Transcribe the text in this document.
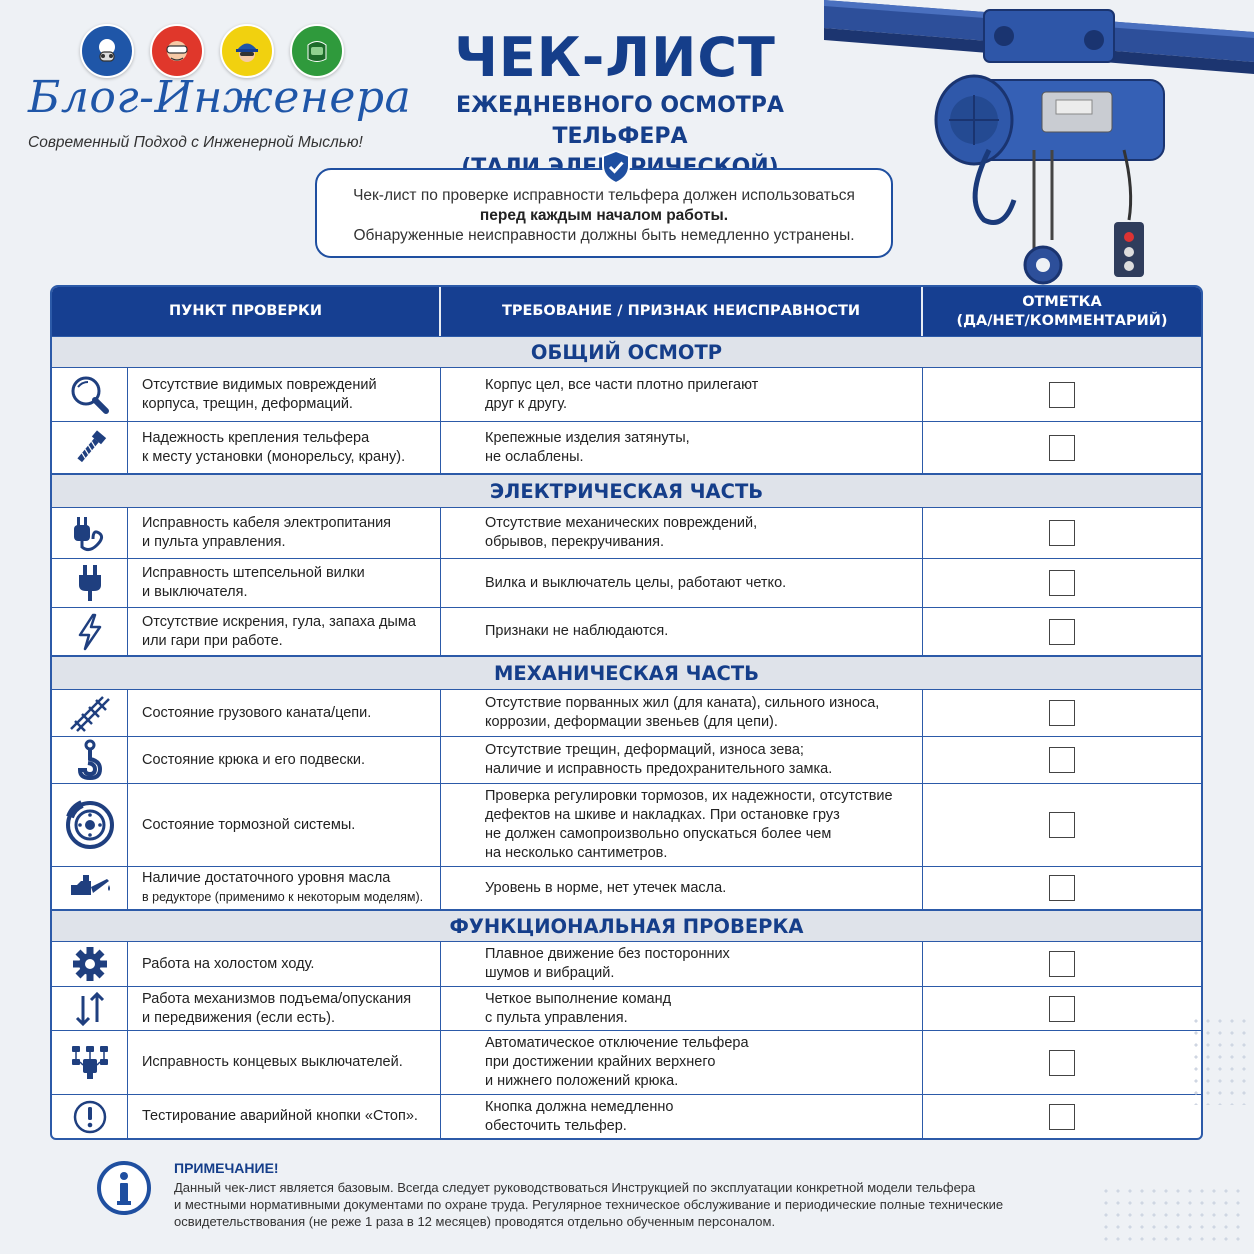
Блог-Инженера
Современный Подход с Инженерной Мыслью!
ЧЕК-ЛИСТ
ЕЖЕДНЕВНОГО ОСМОТРА ТЕЛЬФЕРА
Чек-лист по проверке исправности тельфера должен использоваться
перед каждым началом работы.
Обнаруженные неисправности должны быть немедленно устранены.
ПУНКТ ПРОВЕРКИ	ТРЕБОВАНИЕ / ПРИЗНАК НЕИСПРАВНОСТИ
ОТМЕТКА
(ДА/НЕТ/КОММЕНТАРИЙ)
ОБЩИЙ ОСМОТР
Отсутствие видимых повреждений
корпуса, трещин, деформаций.
Корпус цел, все части плотно прилегают
друг к другу.
Надежность крепления тельфера
к месту установки (монорельсу, крану).
Крепежные изделия затянуты,
не ослаблены.
ЭЛЕКТРИЧЕСКАЯ ЧАСТЬ
Исправность кабеля электропитания
и пульта управления.
Отсутствие механических повреждений,
обрывов, перекручивания.
Исправность штепсельной вилки
и выключателя.
Вилка и выключатель целы, работают четко.
Отсутствие искрения, гула, запаха дыма
или гари при работе.
Признаки не наблюдаются.
МЕХАНИЧЕСКАЯ ЧАСТЬ
Состояние грузового каната/цепи.
Отсутствие порванных жил (для каната), сильного износа,
коррозии, деформации звеньев (для цепи).
Состояние крюка и его подвески.
Отсутствие трещин, деформаций, износа зева;
наличие и исправность предохранительного замка.
Состояние тормозной системы.
Проверка регулировки тормозов, их надежности, отсутствие
дефектов на шкиве и накладках. При остановке груз
не должен самопроизвольно опускаться более чем
на несколько сантиметров.
Наличие достаточного уровня масла
в редукторе (применимо к некоторым моделям).
Уровень в норме, нет утечек масла.
ФУНКЦИОНАЛЬНАЯ ПРОВЕРКА
Работа на холостом ходу.
Плавное движение без посторонних
шумов и вибраций.
Работа механизмов подъема/опускания
и передвижения (если есть).
Четкое выполнение команд
с пульта управления.
Исправность концевых выключателей.
Автоматическое отключение тельфера
при достижении крайних верхнего
и нижнего положений крюка.
Тестирование аварийной кнопки «Стоп».
Кнопка должна немедленно
обесточить тельфер.
ПРИМЕЧАНИЕ!
Данный чек-лист является базовым. Всегда следует руководствоваться Инструкцией по эксплуатации конкретной модели тельфера
и местными нормативными документами по охране труда. Регулярное техническое обслуживание и периодические полные технические
освидетельствования (не реже 1 раза в 12 месяцев) проводятся отдельно обученным персоналом.
